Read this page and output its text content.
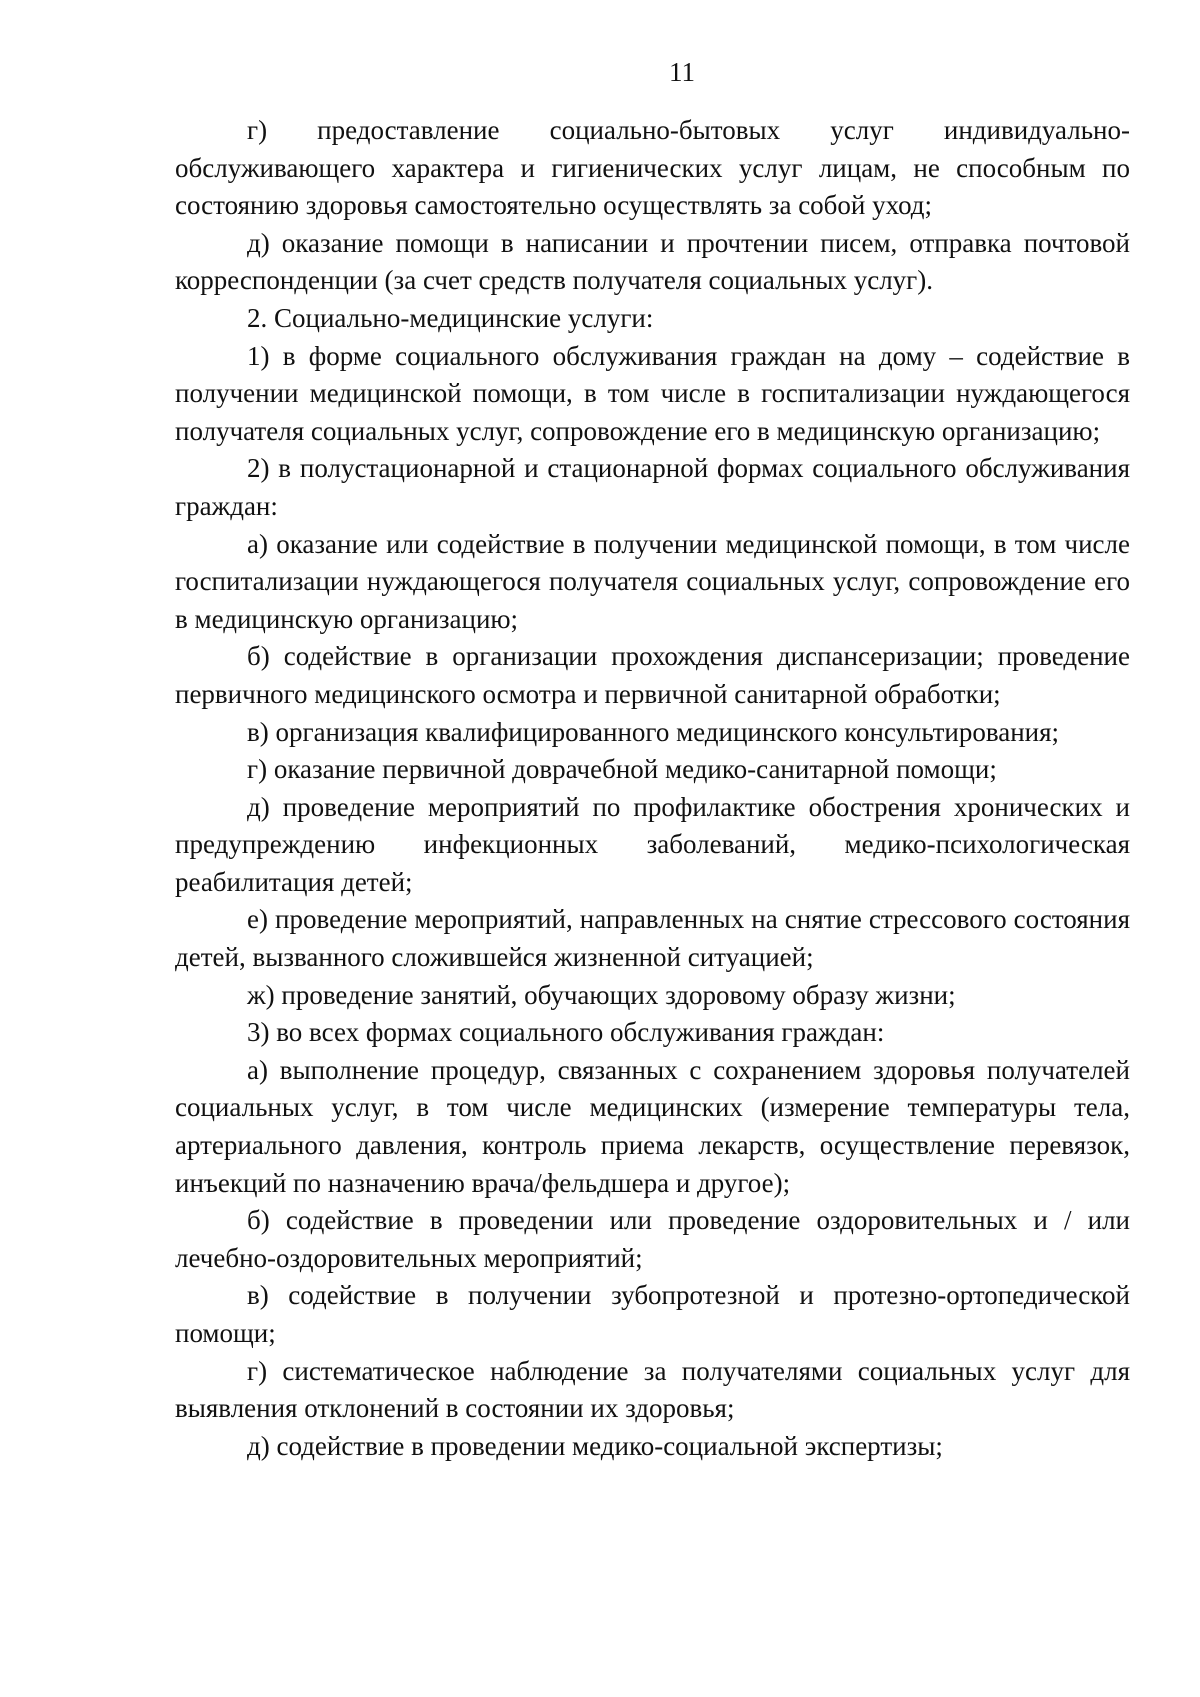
11

г) предоставление социально-бытовых услуг индивидуально-обслуживающего характера и гигиенических услуг лицам, не способным по состоянию здоровья самостоятельно осуществлять за собой уход;

д) оказание помощи в написании и прочтении писем, отправка почтовой корреспонденции (за счет средств получателя социальных услуг).

2. Социально-медицинские услуги:

1) в форме социального обслуживания граждан на дому – содействие в получении медицинской помощи, в том числе в госпитализации нуждающегося получателя социальных услуг, сопровождение его в медицинскую организацию;

2) в полустационарной и стационарной формах социального обслуживания граждан:

а) оказание или содействие в получении медицинской помощи, в том числе госпитализации нуждающегося получателя социальных услуг, сопровождение его в медицинскую организацию;

б) содействие в организации прохождения диспансеризации; проведение первичного медицинского осмотра и первичной санитарной обработки;

в) организация квалифицированного медицинского консультирования;

г) оказание первичной доврачебной медико-санитарной помощи;

д) проведение мероприятий по профилактике обострения хронических и предупреждению инфекционных заболеваний, медико-психологическая реабилитация детей;

е) проведение мероприятий, направленных на снятие стрессового состояния детей, вызванного сложившейся жизненной ситуацией;

ж) проведение занятий, обучающих здоровому образу жизни;

3) во всех формах социального обслуживания граждан:

а) выполнение процедур, связанных с сохранением здоровья получателей социальных услуг, в том числе медицинских (измерение температуры тела, артериального давления, контроль приема лекарств, осуществление перевязок, инъекций по назначению врача/фельдшера и другое);

б) содействие в проведении или проведение оздоровительных и / или лечебно-оздоровительных мероприятий;

в) содействие в получении зубопротезной и протезно-ортопедической помощи;

г) систематическое наблюдение за получателями социальных услуг для выявления отклонений в состоянии их здоровья;

д) содействие в проведении медико-социальной экспертизы;
